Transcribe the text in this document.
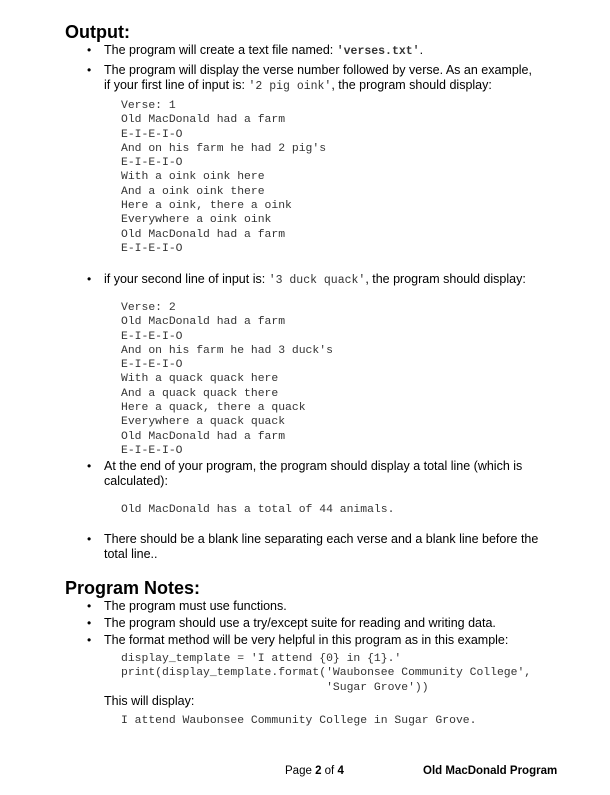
Output:
• The program will create a text file named: 'verses.txt'.
• The program will display the verse number followed by verse. As an example,
if your first line of input is: '2 pig oink', the program should display:
Verse: 1
Old MacDonald had a farm
E-I-E-I-O
And on his farm he had 2 pig's
E-I-E-I-O
With a oink oink here
And a oink oink there
Here a oink, there a oink
Everywhere a oink oink
Old MacDonald had a farm
E-I-E-I-O
• if your second line of input is: '3 duck quack', the program should display:
Verse: 2
Old MacDonald had a farm
E-I-E-I-O
And on his farm he had 3 duck's
E-I-E-I-O
With a quack quack here
And a quack quack there
Here a quack, there a quack
Everywhere a quack quack
Old MacDonald had a farm
E-I-E-I-O
• At the end of your program, the program should display a total line (which is
calculated):
Old MacDonald has a total of 44 animals.
• There should be a blank line separating each verse and a blank line before the
total line..
Program Notes:
• The program must use functions.
• The program should use a try/except suite for reading and writing data.
• The format method will be very helpful in this program as in this example:
display_template = 'I attend {0} in {1}.'
print(display_template.format('Waubonsee Community College',
'Sugar Grove'))
This will display:
I attend Waubonsee Community College in Sugar Grove.
Page 2 of 4	Old MacDonald Program
